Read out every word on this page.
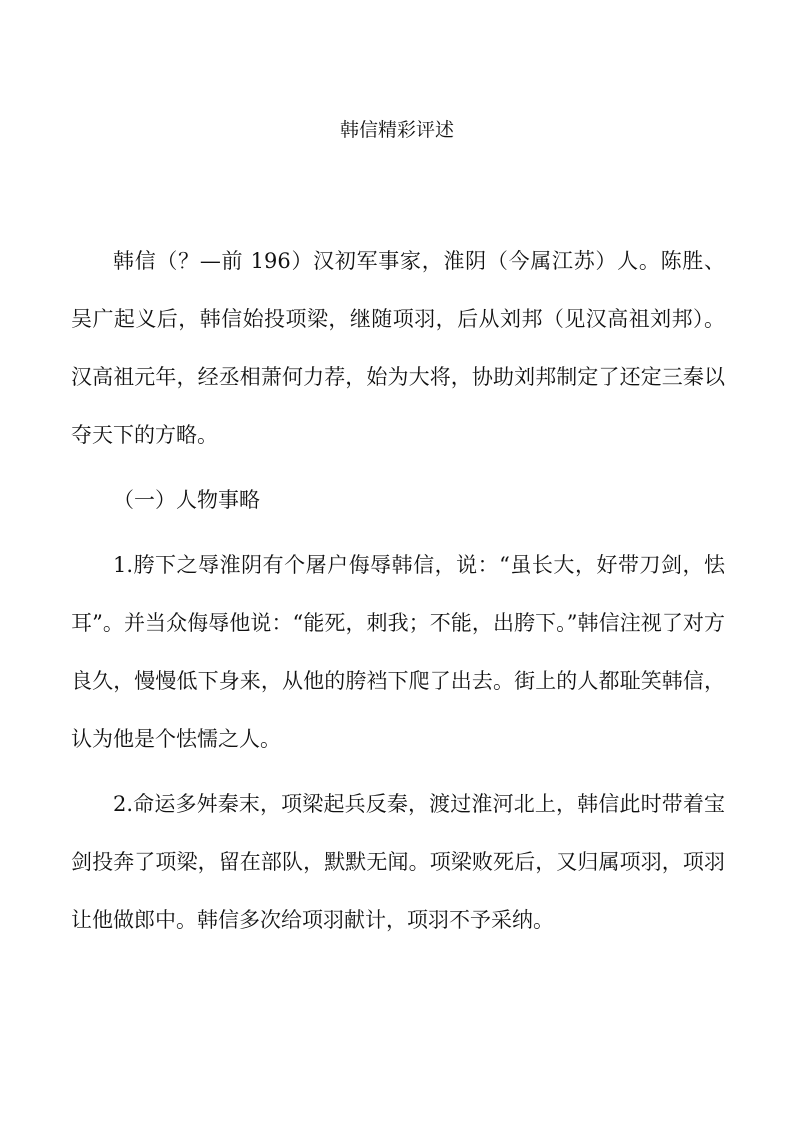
韩信精彩评述

韩信（？—前 196）汉初军事家，淮阴（今属江苏）人。陈胜、吴广起义后，韩信始投项梁，继随项羽，后从刘邦（见汉高祖刘邦）。汉高祖元年，经丞相萧何力荐，始为大将，协助刘邦制定了还定三秦以夺天下的方略。

（一）人物事略

1.胯下之辱淮阴有个屠户侮辱韩信，说：“虽长大，好带刀剑，怯耳”。并当众侮辱他说：“能死，刺我；不能，出胯下。”韩信注视了对方良久，慢慢低下身来，从他的胯裆下爬了出去。街上的人都耻笑韩信，认为他是个怯懦之人。

2.命运多舛秦末，项梁起兵反秦，渡过淮河北上，韩信此时带着宝剑投奔了项梁，留在部队，默默无闻。项梁败死后，又归属项羽，项羽让他做郎中。韩信多次给项羽献计，项羽不予采纳。
